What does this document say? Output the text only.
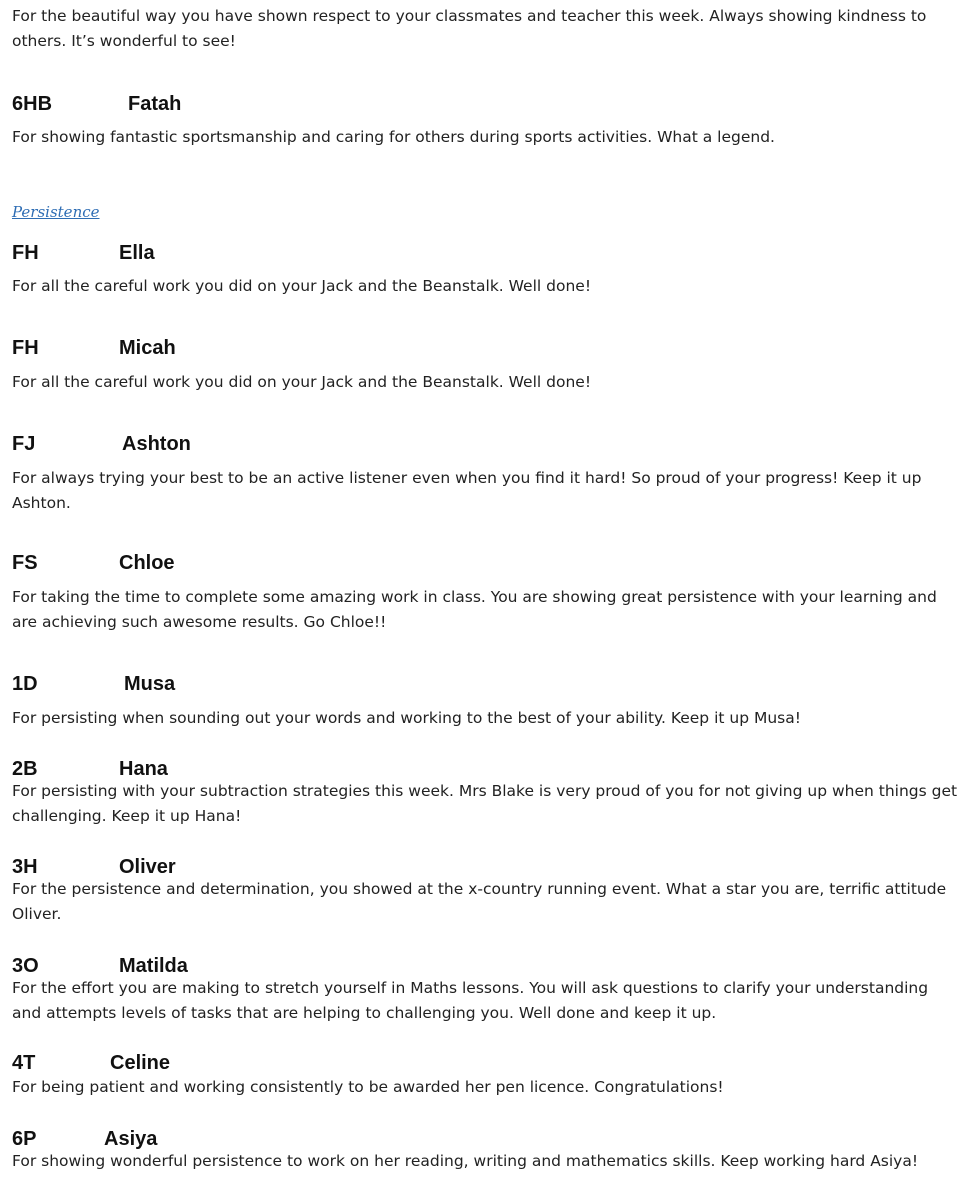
For the beautiful way you have shown respect to your classmates and teacher this week. Always showing kindness to others. It’s wonderful to see!
6HB	Fatah
For showing fantastic sportsmanship and caring for others during sports activities. What a legend.
Persistence
FH	Ella
For all the careful work you did on your Jack and the Beanstalk. Well done!
FH	Micah
For all the careful work you did on your Jack and the Beanstalk. Well done!
FJ	Ashton
For always trying your best to be an active listener even when you find it hard! So proud of your progress! Keep it up Ashton.
FS	Chloe
For taking the time to complete some amazing work in class. You are showing great persistence with your learning and are achieving such awesome results. Go Chloe!!
1D	Musa
For persisting when sounding out your words and working to the best of your ability. Keep it up Musa!
2B	Hana
For persisting with your subtraction strategies this week. Mrs Blake is very proud of you for not giving up when things get challenging. Keep it up Hana!
3H	Oliver
For the persistence and determination, you showed at the x-country running event. What a star you are, terrific attitude Oliver.
3O	Matilda
For the effort you are making to stretch yourself in Maths lessons. You will ask questions to clarify your understanding and attempts levels of tasks that are helping to challenging you. Well done and keep it up.
4T	Celine
For being patient and working consistently to be awarded her pen licence. Congratulations!
6P	Asiya
For showing wonderful persistence to work on her reading, writing and mathematics skills. Keep working hard Asiya!
